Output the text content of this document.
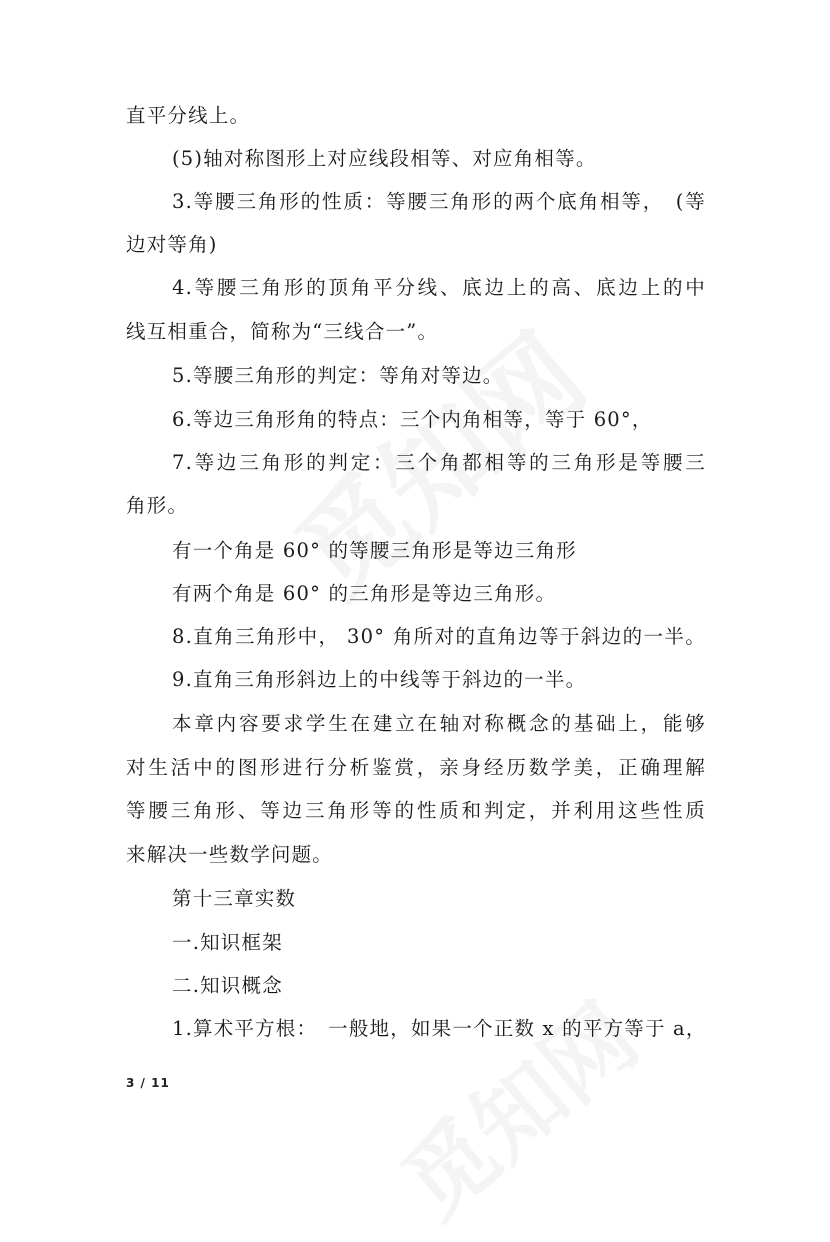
直平分线上。
(5)轴对称图形上对应线段相等、对应角相等。
3.等腰三角形的性质：等腰三角形的两个底角相等，　(等
边对等角)
4.等腰三角形的顶角平分线、底边上的高、底边上的中
线互相重合，简称为“三线合一”。
5.等腰三角形的判定：等角对等边。
6.等边三角形角的特点：三个内角相等，等于 60°，
7.等边三角形的判定：三个角都相等的三角形是等腰三
角形。
有一个角是 60° 的等腰三角形是等边三角形
有两个角是 60° 的三角形是等边三角形。
8.直角三角形中， 30° 角所对的直角边等于斜边的一半。
9.直角三角形斜边上的中线等于斜边的一半。
本章内容要求学生在建立在轴对称概念的基础上，能够
对生活中的图形进行分析鉴赏，亲身经历数学美，正确理解
等腰三角形、等边三角形等的性质和判定，并利用这些性质
来解决一些数学问题。
第十三章实数
一.知识框架
二.知识概念
1.算术平方根：　一般地，如果一个正数 x 的平方等于 a，
3 / 11
